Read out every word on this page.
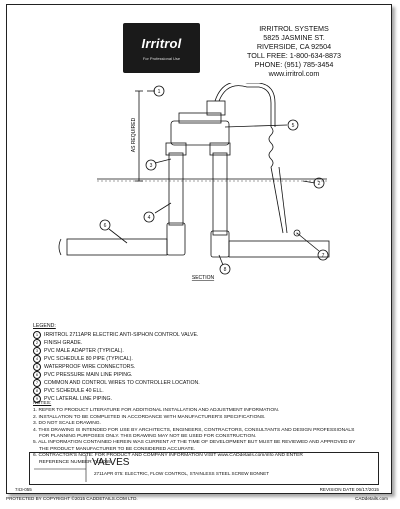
Irritrol
For Professional Use
IRRITROL SYSTEMS
5825 JASMINE ST.
RIVERSIDE, CA 92504
TOLL FREE: 1-800-634-8873
PHONE: (951) 785-3454
www.irritrol.com
5
3
4
6
2
7
8
1
9
AS REQUIRED
SECTION
LEGEND:
1	IRRITROL 2711APR ELECTRIC ANTI-SIPHON CONTROL VALVE.
2	FINISH GRADE.
3	PVC MALE ADAPTER (TYPICAL).
4	PVC SCHEDULE 80 PIPE (TYPICAL).
5	WATERPROOF WIRE CONNECTORS.
6	PVC PRESSURE MAIN LINE PIPING.
7	COMMON AND CONTROL WIRES TO CONTROLLER LOCATION.
8	PVC SCHEDULE 40 ELL.
9	PVC LATERAL LINE PIPING.
NOTES:
1. REFER TO PRODUCT LITERATURE FOR ADDITIONAL INSTALLATION AND ADJUSTMENT INFORMATION.
2. INSTALLATION TO BE COMPLETED IN ACCORDANCE WITH MANUFACTURER'S SPECIFICATIONS.
3. DO NOT SCALE DRAWING.
4. THIS DRAWING IS INTENDED FOR USE BY ARCHITECTS, ENGINEERS, CONTRACTORS, CONSULTANTS AND DESIGN PROFESSIONALS
FOR PLANNING PURPOSES ONLY. THIS DRAWING MAY NOT BE USED FOR CONSTRUCTION.
5. ALL INFORMATION CONTAINED HEREIN WAS CURRENT AT THE TIME OF DEVELOPMENT BUT MUST BE REVIEWED AND APPROVED BY
THE PRODUCT MANUFACTURER TO BE CONSIDERED ACCURATE.
6. CONTRACTOR'S NOTE: FOR PRODUCT AND COMPANY INFORMATION VISIT www.CADdetails.com/info AND ENTER
REFERENCE NUMBER 743-055.
VALVES
2711APR 075: ELECTRIC, FLOW CONTROL, STAINLESS STEEL SCREW BONNET
743-055	REVISION DATE 06/17/2015
PROTECTED BY COPYRIGHT ©2015 CADDETAILS.COM LTD.	CADdetails.com
